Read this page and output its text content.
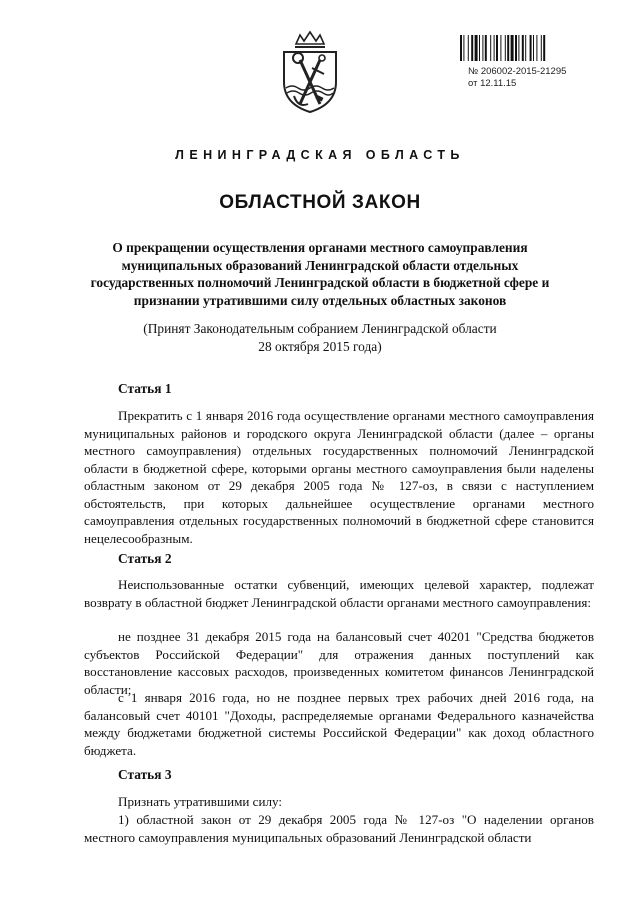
№ 206002-2015-21295
от 12.11.15
ЛЕНИНГРАДСКАЯ ОБЛАСТЬ
ОБЛАСТНОЙ ЗАКОН
О прекращении осуществления органами местного самоуправления муниципальных образований Ленинградской области отдельных государственных полномочий Ленинградской области в бюджетной сфере и признании утратившими силу отдельных областных законов
(Принят Законодательным собранием Ленинградской области
28 октября 2015 года)
Статья 1
Прекратить с 1 января 2016 года осуществление органами местного самоуправления муниципальных районов и городского округа Ленинградской области (далее – органы местного самоуправления) отдельных государственных полномочий Ленинградской области в бюджетной сфере, которыми органы местного самоуправления были наделены областным законом от 29 декабря 2005 года № 127-оз, в связи с наступлением обстоятельств, при которых дальнейшее осуществление органами местного самоуправления отдельных государственных полномочий в бюджетной сфере становится нецелесообразным.
Статья 2
Неиспользованные остатки субвенций, имеющих целевой характер, подлежат возврату в областной бюджет Ленинградской области органами местного самоуправления:
не позднее 31 декабря 2015 года на балансовый счет 40201 "Средства бюджетов субъектов Российской Федерации" для отражения данных поступлений как восстановление кассовых расходов, произведенных комитетом финансов Ленинградской области;
с 1 января 2016 года, но не позднее первых трех рабочих дней 2016 года, на балансовый счет 40101 "Доходы, распределяемые органами Федерального казначейства между бюджетами бюджетной системы Российской Федерации" как доход областного бюджета.
Статья 3
Признать утратившими силу:
1) областной закон от 29 декабря 2005 года № 127-оз "О наделении органов местного самоуправления муниципальных образований Ленинградской области
